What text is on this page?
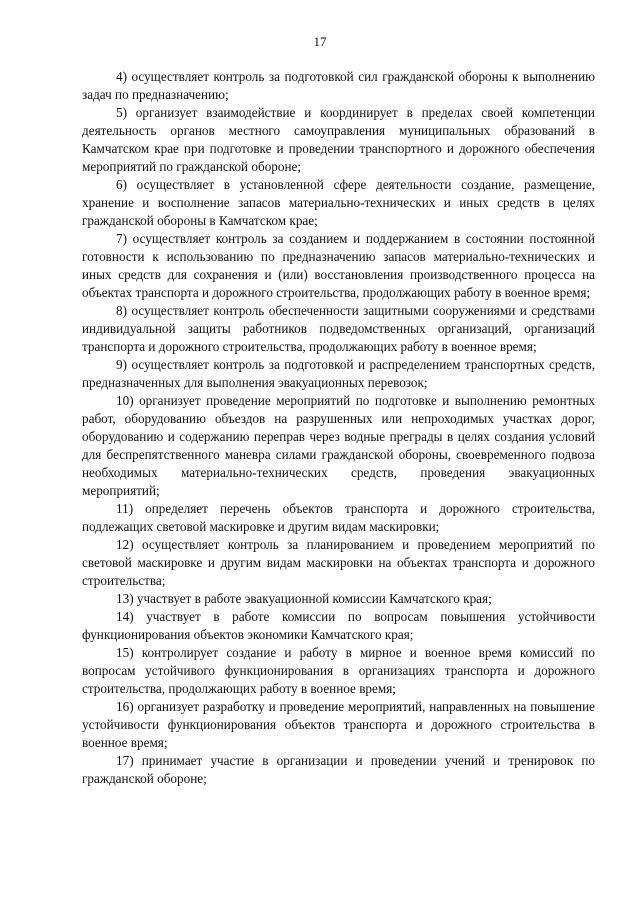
17

4) осуществляет контроль за подготовкой сил гражданской обороны к выполнению задач по предназначению;

5) организует взаимодействие и координирует в пределах своей компетенции деятельность органов местного самоуправления муниципальных образований в Камчатском крае при подготовке и проведении транспортного и дорожного обеспечения мероприятий по гражданской обороне;

6) осуществляет в установленной сфере деятельности создание, размещение, хранение и восполнение запасов материально-технических и иных средств в целях гражданской обороны в Камчатском крае;

7) осуществляет контроль за созданием и поддержанием в состоянии постоянной готовности к использованию по предназначению запасов материально-технических и иных средств для сохранения и (или) восстановления производственного процесса на объектах транспорта и дорожного строительства, продолжающих работу в военное время;

8) осуществляет контроль обеспеченности защитными сооружениями и средствами индивидуальной защиты работников подведомственных организаций, организаций транспорта и дорожного строительства, продолжающих работу в военное время;

9) осуществляет контроль за подготовкой и распределением транспортных средств, предназначенных для выполнения эвакуационных перевозок;

10) организует проведение мероприятий по подготовке и выполнению ремонтных работ, оборудованию объездов на разрушенных или непроходимых участках дорог, оборудованию и содержанию переправ через водные преграды в целях создания условий для беспрепятственного маневра силами гражданской обороны, своевременного подвоза необходимых материально-технических средств, проведения эвакуационных мероприятий;

11) определяет перечень объектов транспорта и дорожного строительства, подлежащих световой маскировке и другим видам маскировки;

12) осуществляет контроль за планированием и проведением мероприятий по световой маскировке и другим видам маскировки на объектах транспорта и дорожного строительства;

13) участвует в работе эвакуационной комиссии Камчатского края;

14) участвует в работе комиссии по вопросам повышения устойчивости функционирования объектов экономики Камчатского края;

15) контролирует создание и работу в мирное и военное время комиссий по вопросам устойчивого функционирования в организациях транспорта и дорожного строительства, продолжающих работу в военное время;

16) организует разработку и проведение мероприятий, направленных на повышение устойчивости функционирования объектов транспорта и дорожного строительства в военное время;

17) принимает участие в организации и проведении учений и тренировок по гражданской обороне;
